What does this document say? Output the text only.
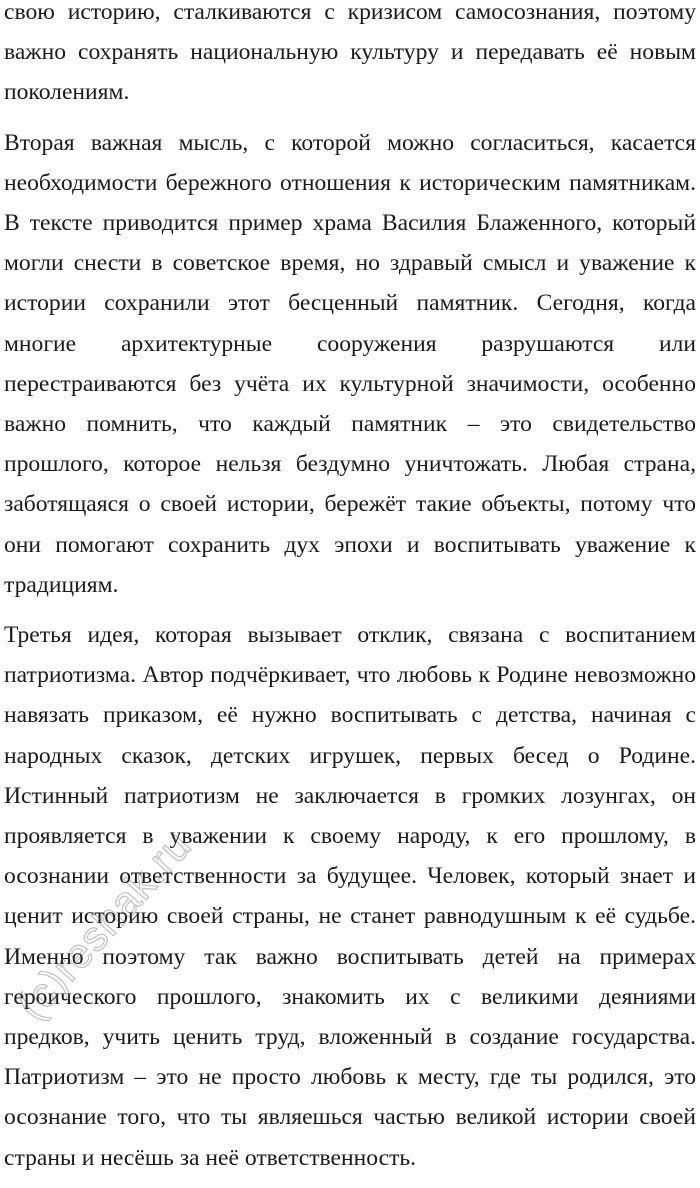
свою историю, сталкиваются с кризисом самосознания, поэтому важно сохранять национальную культуру и передавать её новым поколениям.

Вторая важная мысль, с которой можно согласиться, касается необходимости бережного отношения к историческим памятникам. В тексте приводится пример храма Василия Блаженного, который могли снести в советское время, но здравый смысл и уважение к истории сохранили этот бесценный памятник. Сегодня, когда многие архитектурные сооружения разрушаются или перестраиваются без учёта их культурной значимости, особенно важно помнить, что каждый памятник – это свидетельство прошлого, которое нельзя бездумно уничтожать. Любая страна, заботящаяся о своей истории, бережёт такие объекты, потому что они помогают сохранить дух эпохи и воспитывать уважение к традициям.

Третья идея, которая вызывает отклик, связана с воспитанием патриотизма. Автор подчёркивает, что любовь к Родине невозможно навязать приказом, её нужно воспитывать с детства, начиная с народных сказок, детских игрушек, первых бесед о Родине. Истинный патриотизм не заключается в громких лозунгах, он проявляется в уважении к своему народу, к его прошлому, в осознании ответственности за будущее. Человек, который знает и ценит историю своей страны, не станет равнодушным к её судьбе. Именно поэтому так важно воспитывать детей на примерах героического прошлого, знакомить их с великими деяниями предков, учить ценить труд, вложенный в создание государства. Патриотизм – это не просто любовь к месту, где ты родился, это осознание того, что ты являешься частью великой истории своей страны и несёшь за неё ответственность.

(c)reshak.ru
